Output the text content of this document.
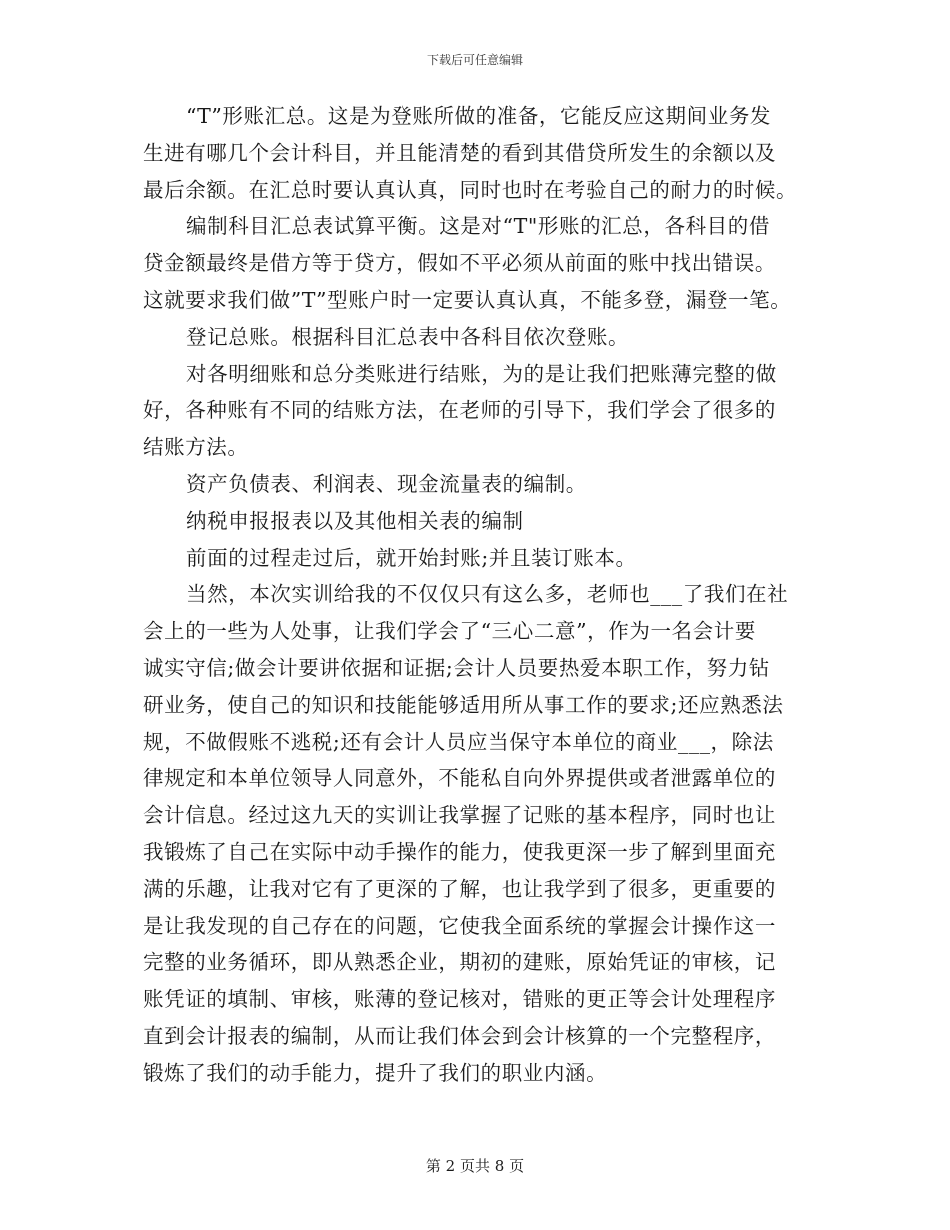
下载后可任意编辑
“T”形账汇总。这是为登账所做的准备，它能反应这期间业务发
生进有哪几个会计科目，并且能清楚的看到其借贷所发生的余额以及
最后余额。在汇总时要认真认真，同时也时在考验自己的耐力的时候。
编制科目汇总表试算平衡。这是对“T"形账的汇总，各科目的借
贷金额最终是借方等于贷方，假如不平必须从前面的账中找出错误。
这就要求我们做”T”型账户时一定要认真认真，不能多登，漏登一笔。
登记总账。根据科目汇总表中各科目依次登账。
对各明细账和总分类账进行结账，为的是让我们把账薄完整的做
好，各种账有不同的结账方法，在老师的引导下，我们学会了很多的
结账方法。
资产负债表、利润表、现金流量表的编制。
纳税申报报表以及其他相关表的编制
前面的过程走过后，就开始封账;并且装订账本。
当然，本次实训给我的不仅仅只有这么多，老师也___了我们在社
会上的一些为人处事，让我们学会了“三心二意”，作为一名会计要
诚实守信;做会计要讲依据和证据;会计人员要热爱本职工作，努力钻
研业务，使自己的知识和技能能够适用所从事工作的要求;还应熟悉法
规，不做假账不逃税;还有会计人员应当保守本单位的商业___，除法
律规定和本单位领导人同意外，不能私自向外界提供或者泄露单位的
会计信息。经过这九天的实训让我掌握了记账的基本程序，同时也让
我锻炼了自己在实际中动手操作的能力，使我更深一步了解到里面充
满的乐趣，让我对它有了更深的了解，也让我学到了很多，更重要的
是让我发现的自己存在的问题，它使我全面系统的掌握会计操作这一
完整的业务循环，即从熟悉企业，期初的建账，原始凭证的审核，记
账凭证的填制、审核，账薄的登记核对，错账的更正等会计处理程序
直到会计报表的编制，从而让我们体会到会计核算的一个完整程序，
锻炼了我们的动手能力，提升了我们的职业内涵。
第 2 页共 8 页
